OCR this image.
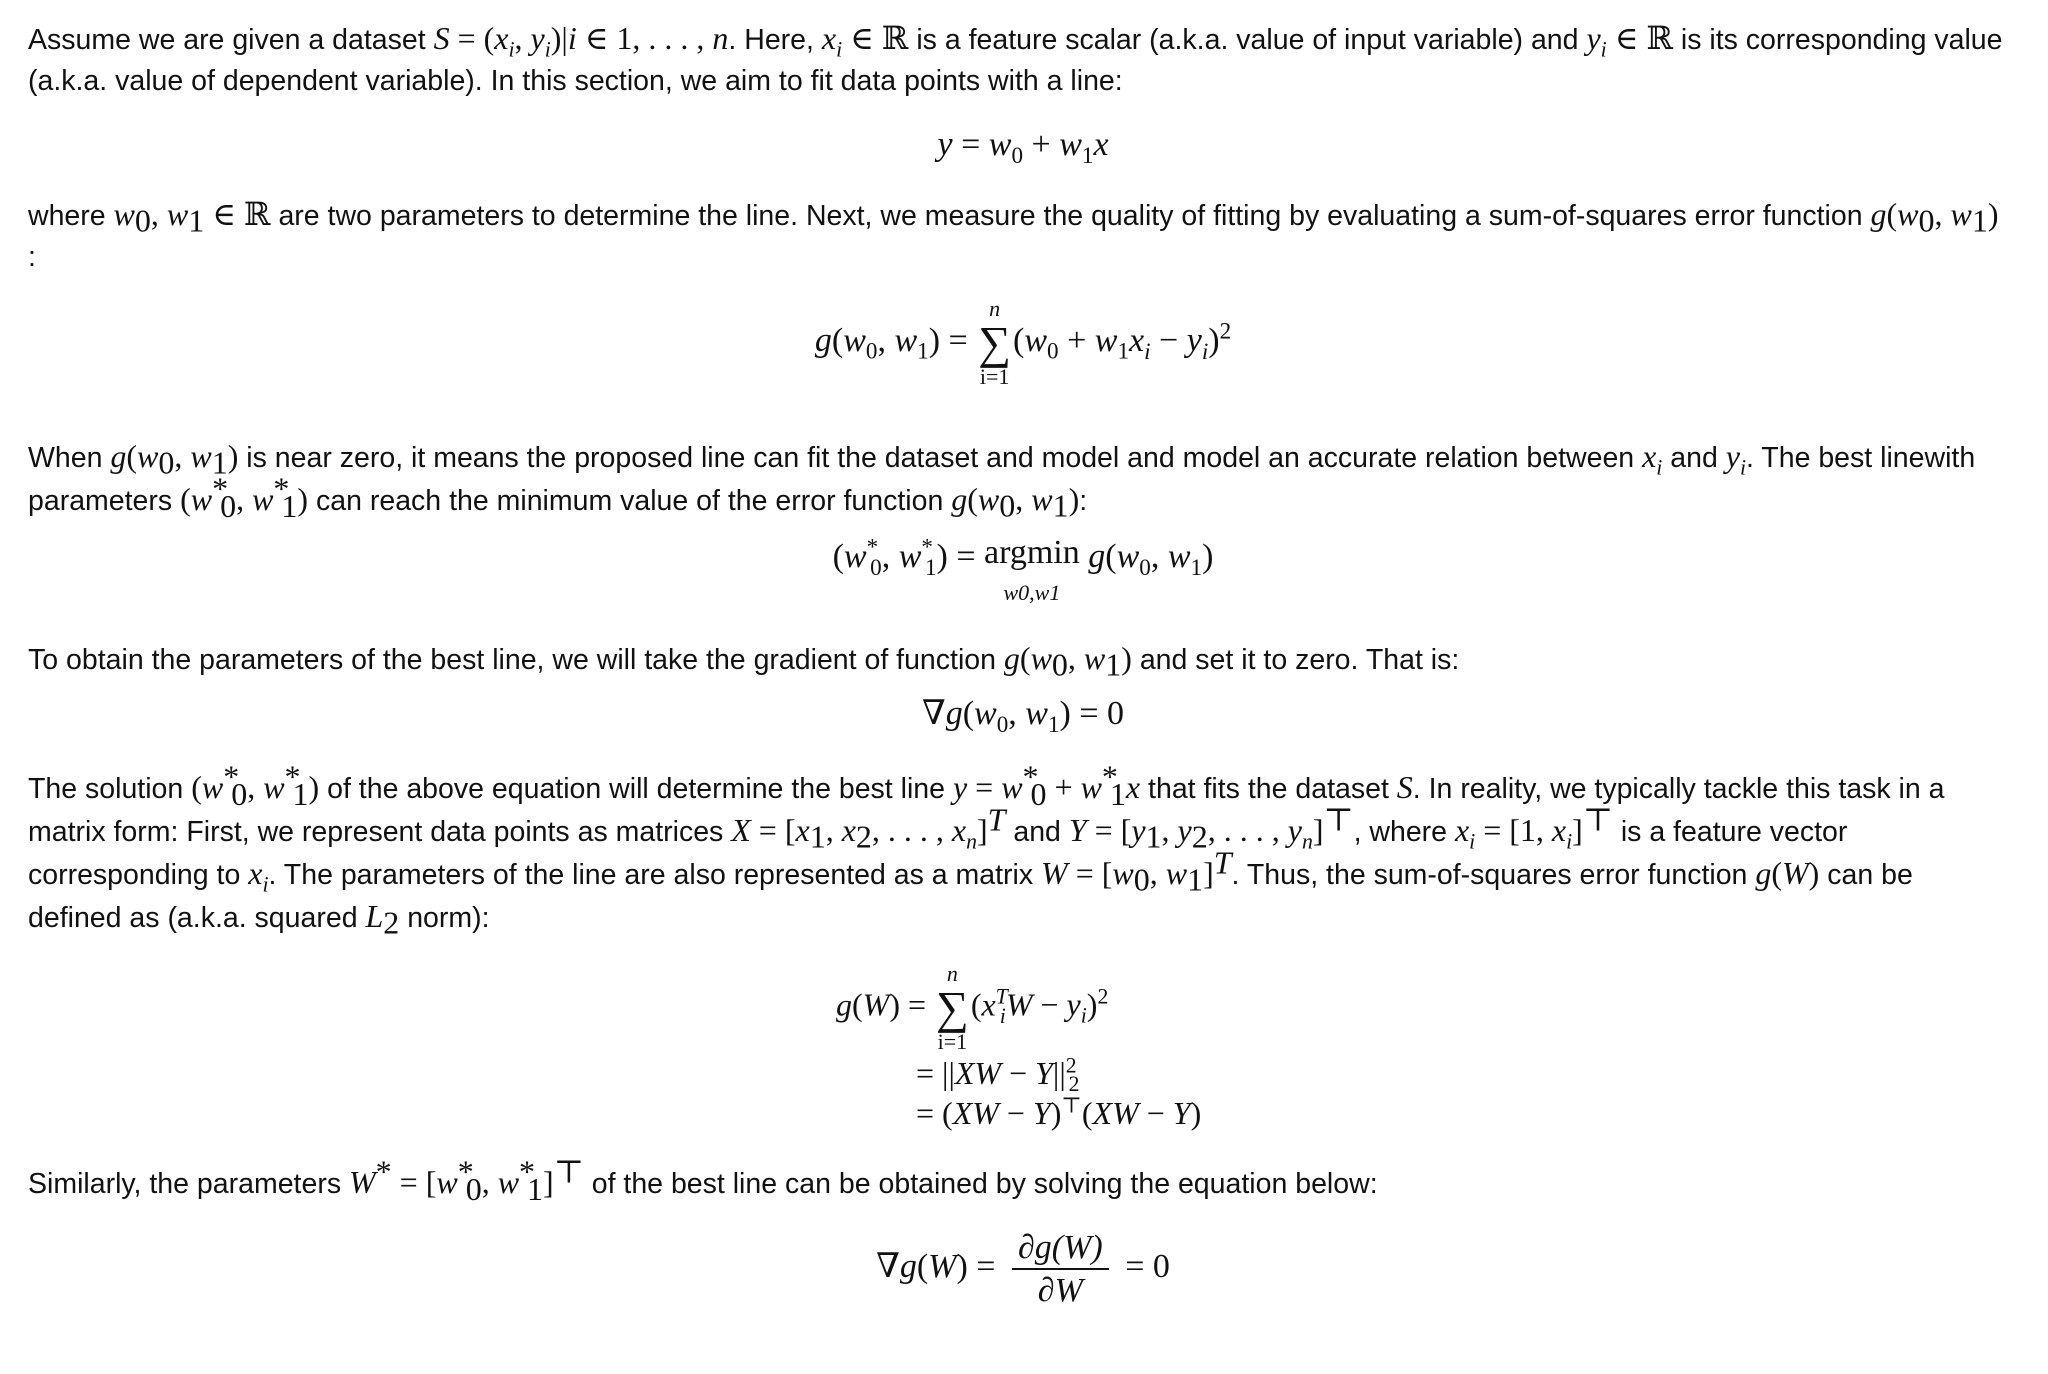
Assume we are given a dataset $S = (x_i$, $y_i)|i$ ∈ 1, . . . , n. Here, $x_i$ ∈ ℝ is a feature scalar (a.k.a. value of input variable) and $y_i$ ∈ ℝ is its corresponding value (a.k.a. value of dependent variable). In this section, we aim to fit data points with a line:

$y = w_0 + w_1x$

where $w_0$, $w_1$ ∈ ℝ are two parameters to determine the line. Next, we measure the quality of fitting by evaluating a sum-of-squares error function $g(w_0$, $w_1$)
:

$g(w_0$, $w_1$) =
n
∑
i=1
$(w_0 + w_1x_i - y_i)^2$

When $g(w_0$, $w_1$) is near zero, it means the proposed line can fit the dataset and model and model an accurate relation between $x_i$ and $y_i$. The best linewith
parameters ($w^*_0$, $w^*_1$) can reach the minimum value of the error function $g(w_0$, $w_1$):

($w^*_0$, $w^*_1) = argmin$
w0,w1
$g(w_0$, $w_1$)

To obtain the parameters of the best line, we will take the gradient of function $g(w_0$, $w_1$) and set it to zero. That is:

$\nabla g(w_0$, $w_1) = 0$

The solution ($w^*_0$, $w^*_1$) of the above equation will determine the best line $y = w^*_0 + w^*_1x$ that fits the dataset S. In reality, we typically tackle this task in a
matrix form: First, we represent data points as matrices $X = [x_1$, $x_2$, . . . , $x_n]^T$ and $Y = [y_1$, $y_2$, . . . , $y_n]^⊤$, where $x_i = [1$, $x_i]^⊤$ is a feature vector
corresponding to $x_i$. The parameters of the line are also represented as a matrix $W = [w_0$, $w_1]^T$. Thus, the sum-of-squares error function g(W) can be
defined as (a.k.a. squared $L_2$ norm):

g(W) =
n
∑
i=1
$(x^T_iW - y_i)^2$
= $||XW - Y||^2_2$
= (XW − Y)⊤(XW − Y)

Similarly, the parameters $W^* = [w^*_0$, $w^*_1]^⊤$ of the best line can be obtained by solving the equation below:

$\nabla g(W) = \frac{\partial g(W)}{\partial W} = 0$
